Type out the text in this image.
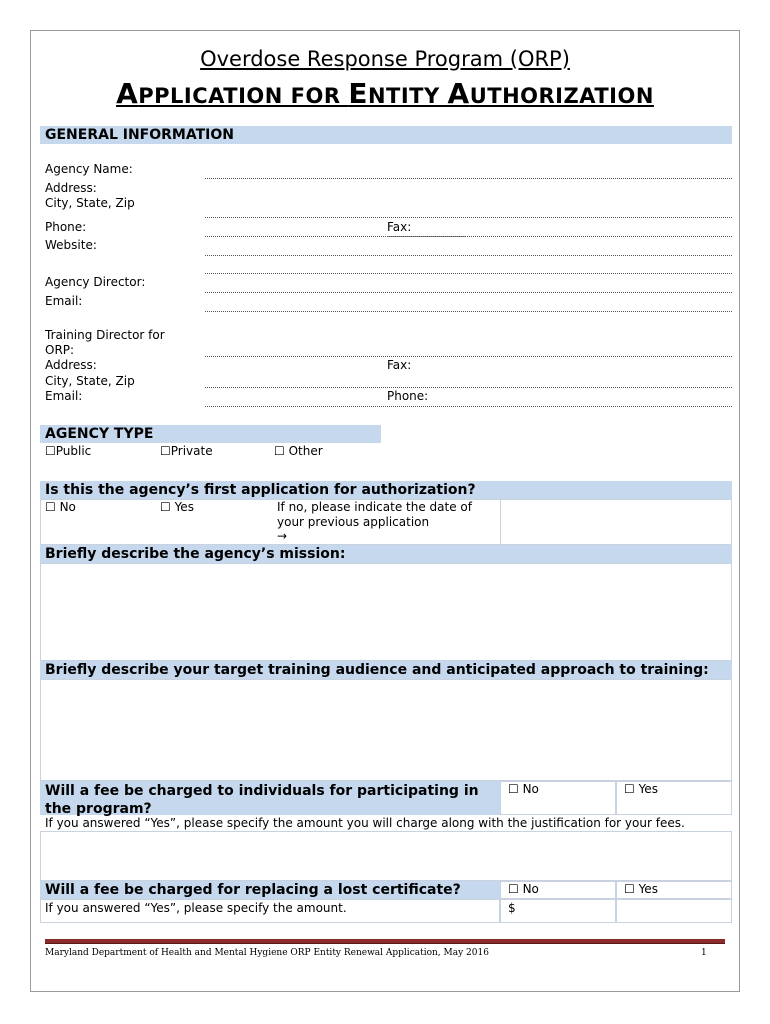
Overdose Response Program (ORP)
APPLICATION FOR ENTITY AUTHORIZATION
GENERAL INFORMATION
Agency Name:
Address:
City, State, Zip
Phone:	Fax:
Website:
Agency Director:
Email:
Training Director for
ORP:
Address:	Fax:
City, State, Zip
Email:	Phone:
AGENCY TYPE
☐Public	☐Private	☐ Other
Is this the agency’s first application for authorization?
☐ No	☐ Yes	If no, please indicate the date of
your previous application
→
Briefly describe the agency’s mission:
Briefly describe your target training audience and anticipated approach to training:
Will a fee be charged to individuals for participating in
the program?
☐ No	☐ Yes
If you answered “Yes”, please specify the amount you will charge along with the justification for your fees.
Will a fee be charged for replacing a lost certificate?	☐ No	☐ Yes
If you answered “Yes”, please specify the amount.	$
Maryland Department of Health and Mental Hygiene ORP Entity Renewal Application, May 2016	1
